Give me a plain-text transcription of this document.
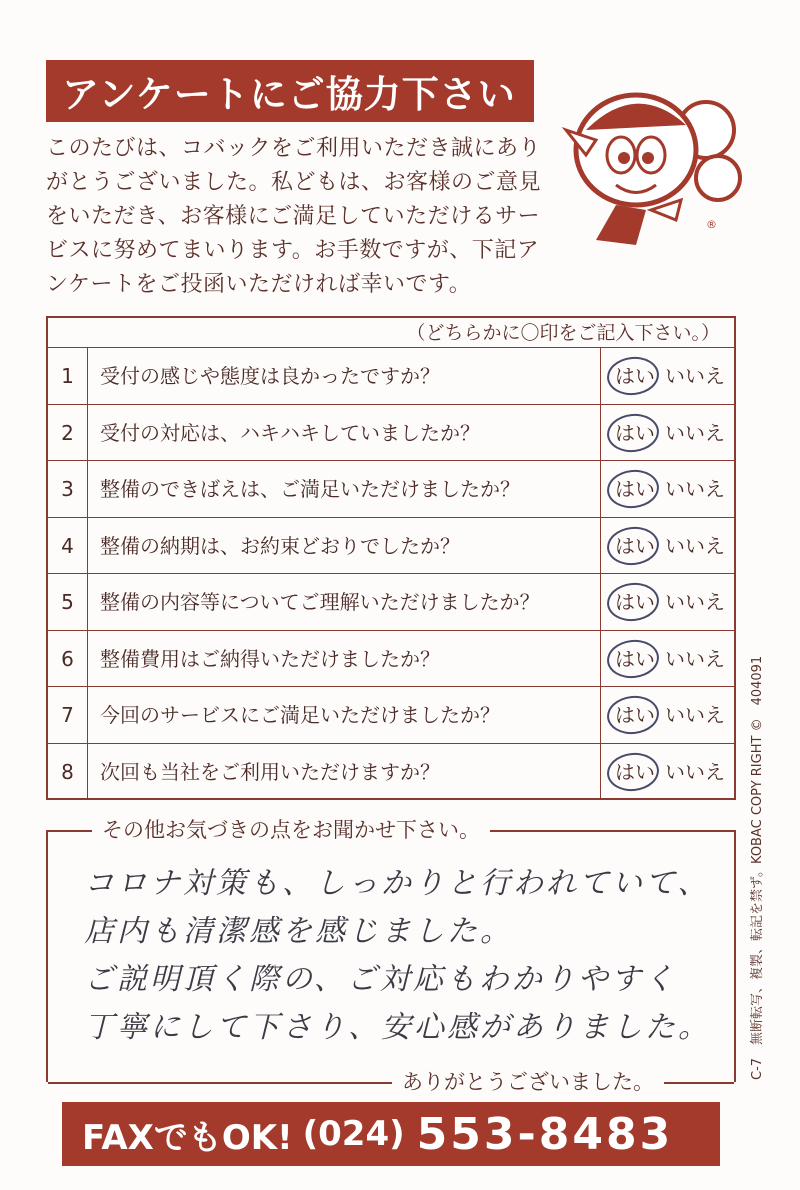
アンケートにご協力下さい
®
このたびは、コバックをご利用いただき誠にあり
がとうございました。私どもは、お客様のご意見
をいただき、お客様にご満足していただけるサー
ビスに努めてまいります。お手数ですが、下記ア
ンケートをご投函いただければ幸いです。
（どちらかに〇印をご記入下さい。）
1	受付の感じや態度は良かったですか？	はい いいえ
2	受付の対応は、ハキハキしていましたか？	はい いいえ
3	整備のできばえは、ご満足いただけましたか？	はい いいえ
4	整備の納期は、お約束どおりでしたか？	はい いいえ
5	整備の内容等についてご理解いただけましたか？	はい いいえ
6	整備費用はご納得いただけましたか？	はい いいえ
7	今回のサービスにご満足いただけましたか？	はい いいえ
8	次回も当社をご利用いただけますか？	はい いいえ
その他お気づきの点をお聞かせ下さい。
コロナ対策も、しっかりと行われていて、
店内も清潔感を感じました。
ご説明頂く際の、ご対応もわかりやすく
丁寧にして下さり、安心感がありました。
ありがとうございました。
FAXでもOK! (024) 553-8483
C-7　無断転写、複製、転記を禁ず。KOBAC COPY RIGHT ©　404091
